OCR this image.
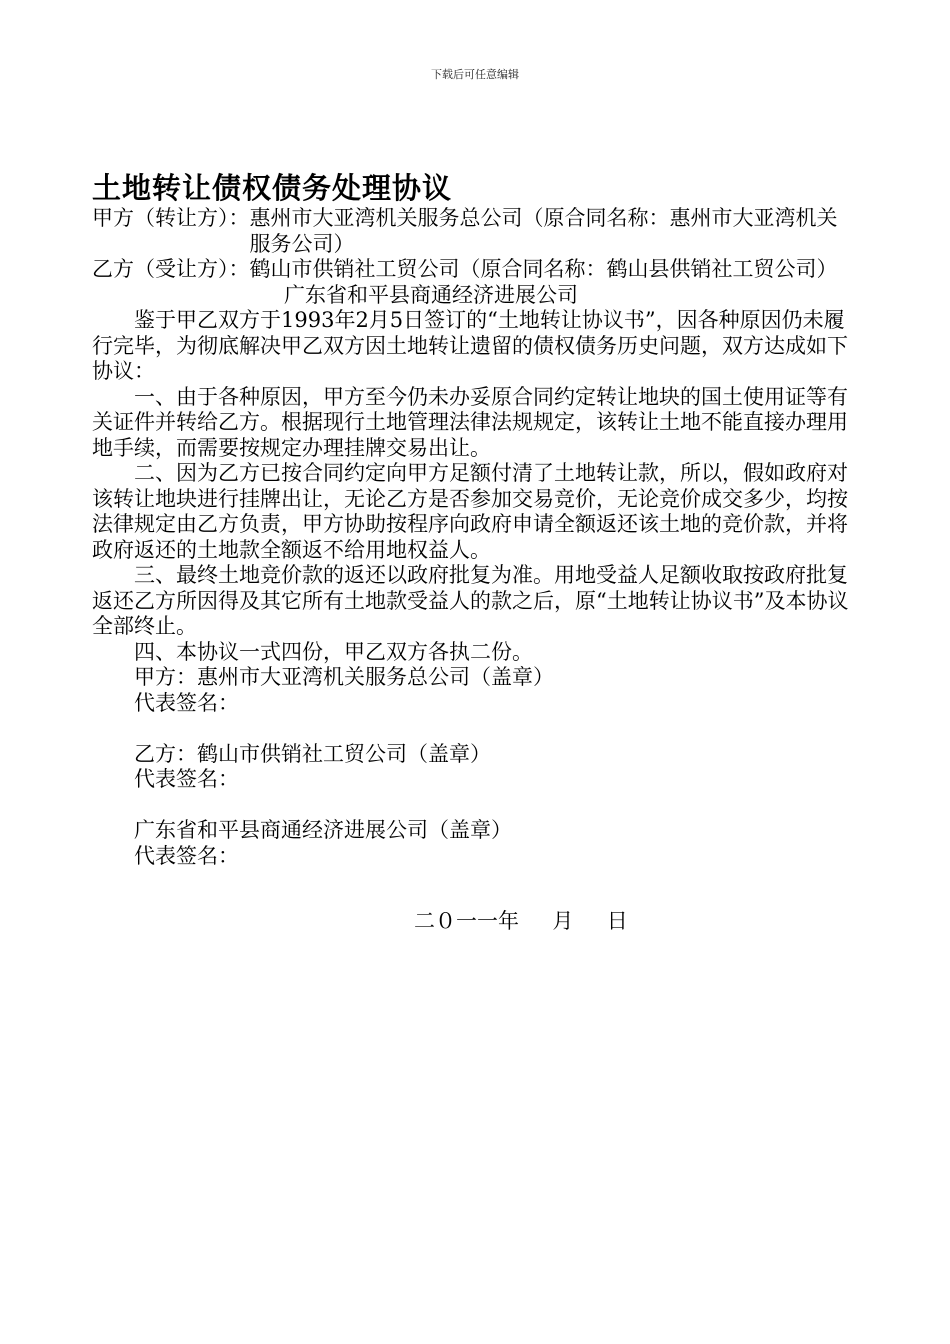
下载后可任意编辑
土地转让债权债务处理协议
甲方（转让方）： 惠州市大亚湾机关服务总公司（原合同名称：惠州市大亚湾机关服务公司）
乙方（受让方）： 鹤山市供销社工贸公司（原合同名称：鹤山县供销社工贸公司）
广东省和平县商通经济进展公司

鉴于甲乙双方于1993年2月5日签订的“土地转让协议书”，因各种原因仍未履行完毕，为彻底解决甲乙双方因土地转让遗留的债权债务历史问题，双方达成如下协议：

一、由于各种原因，甲方至今仍未办妥原合同约定转让地块的国土使用证等有关证件并转给乙方。根据现行土地管理法律法规规定，该转让土地不能直接办理用地手续，而需要按规定办理挂牌交易出让。

二、因为乙方已按合同约定向甲方足额付清了土地转让款，所以，假如政府对该转让地块进行挂牌出让，无论乙方是否参加交易竞价，无论竞价成交多少，均按法律规定由乙方负责，甲方协助按程序向政府申请全额返还该土地的竞价款，并将政府返还的土地款全额返不给用地权益人。

三、最终土地竞价款的返还以政府批复为准。用地受益人足额收取按政府批复返还乙方所因得及其它所有土地款受益人的款之后，原“土地转让协议书”及本协议全部终止。

四、本协议一式四份，甲乙双方各执二份。

甲方：惠州市大亚湾机关服务总公司（盖章）
代表签名：
乙方：鹤山市供销社工贸公司（盖章）
代表签名：
广东省和平县商通经济进展公司（盖章）
代表签名：
二０一一年     月     日
